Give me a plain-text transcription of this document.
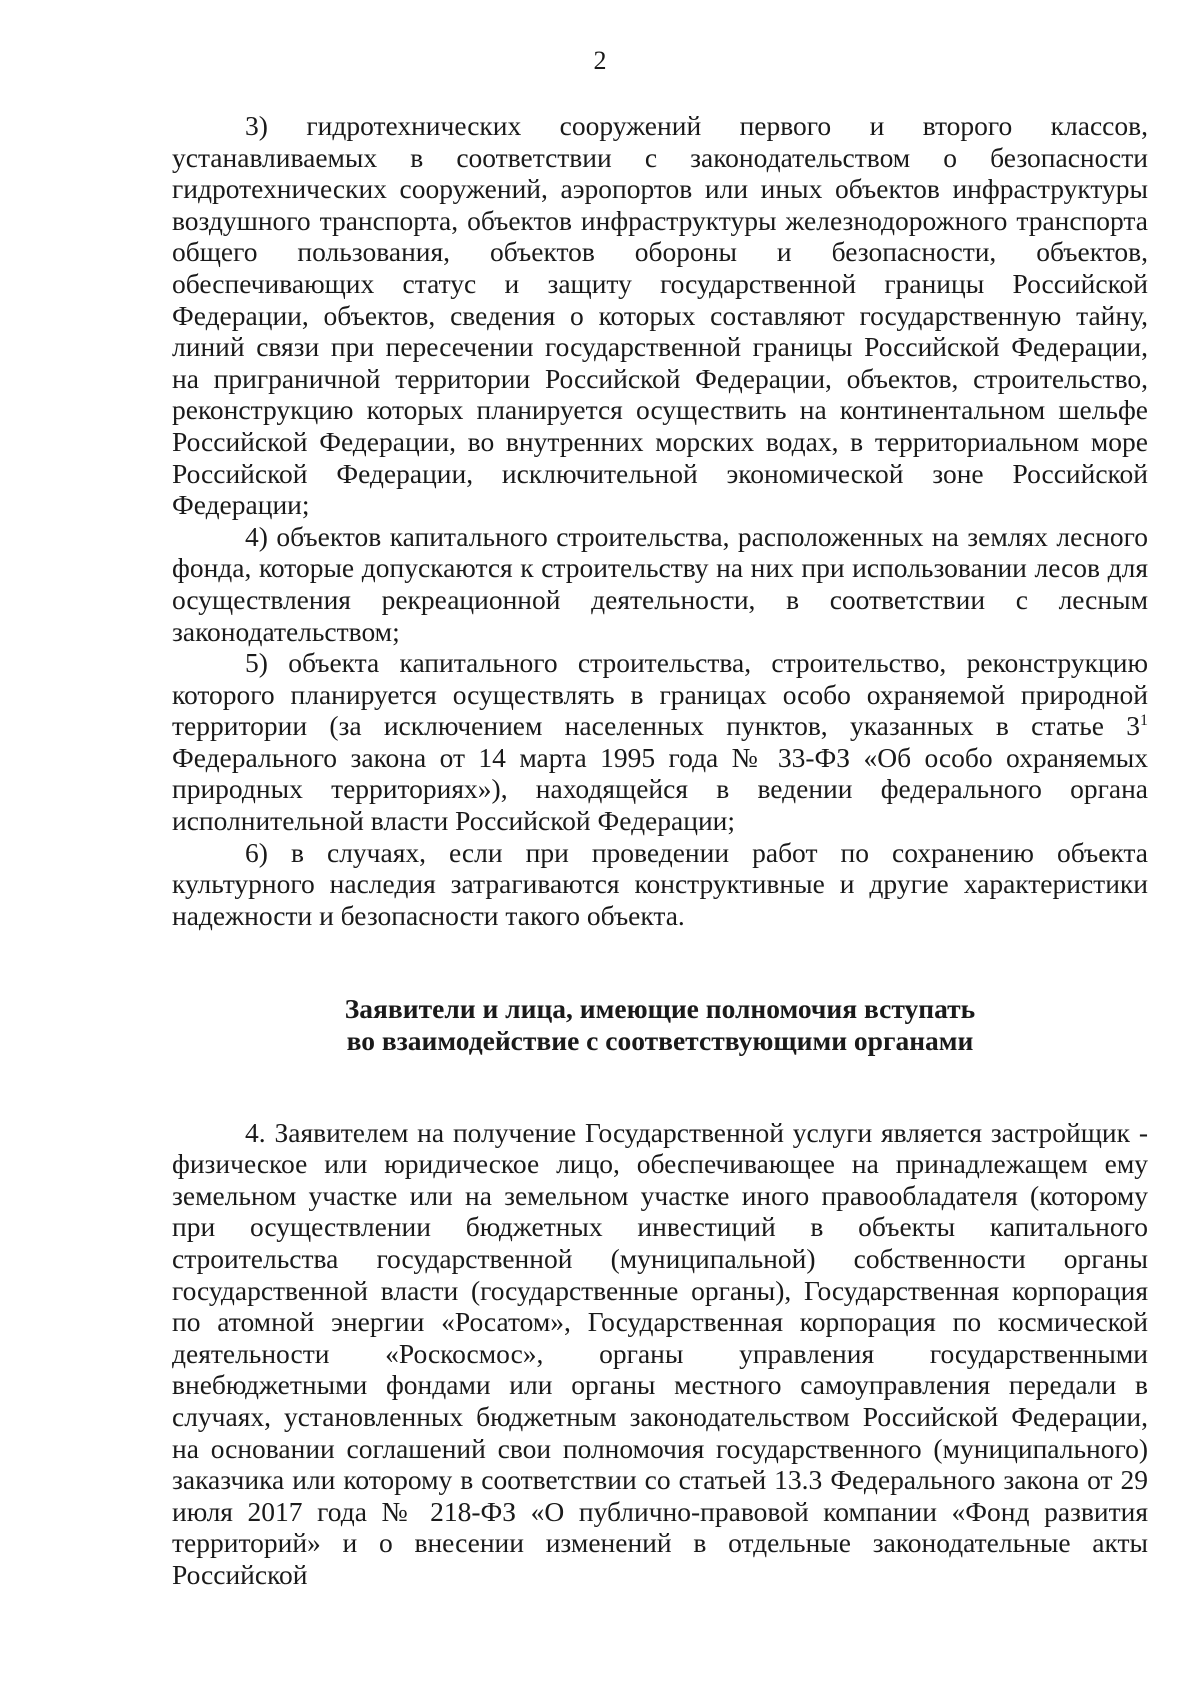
2

3) гидротехнических сооружений первого и второго классов, устанавливаемых в соответствии с законодательством о безопасности гидротехнических сооружений, аэропортов или иных объектов инфраструктуры воздушного транспорта, объектов инфраструктуры железнодорожного транспорта общего пользования, объектов обороны и безопасности, объектов, обеспечивающих статус и защиту государственной границы Российской Федерации, объектов, сведения о которых составляют государственную тайну, линий связи при пересечении государственной границы Российской Федерации, на приграничной территории Российской Федерации, объектов, строительство, реконструкцию которых планируется осуществить на континентальном шельфе Российской Федерации, во внутренних морских водах, в территориальном море Российской Федерации, исключительной экономической зоне Российской Федерации;

4) объектов капитального строительства, расположенных на землях лесного фонда, которые допускаются к строительству на них при использовании лесов для осуществления рекреационной деятельности, в соответствии с лесным законодательством;

5) объекта капитального строительства, строительство, реконструкцию которого планируется осуществлять в границах особо охраняемой природной территории (за исключением населенных пунктов, указанных в статье $3^1$ Федерального закона от 14 марта 1995 года № 33-ФЗ «Об особо охраняемых природных территориях»), находящейся в ведении федерального органа исполнительной власти Российской Федерации;

6) в случаях, если при проведении работ по сохранению объекта культурного наследия затрагиваются конструктивные и другие характеристики надежности и безопасности такого объекта.

Заявители и лица, имеющие полномочия вступать
во взаимодействие с соответствующими органами

4. Заявителем на получение Государственной услуги является застройщик - физическое или юридическое лицо, обеспечивающее на принадлежащем ему земельном участке или на земельном участке иного правообладателя (которому при осуществлении бюджетных инвестиций в объекты капитального строительства государственной (муниципальной) собственности органы государственной власти (государственные органы), Государственная корпорация по атомной энергии «Росатом», Государственная корпорация по космической деятельности «Роскосмос», органы управления государственными внебюджетными фондами или органы местного самоуправления передали в случаях, установленных бюджетным законодательством Российской Федерации, на основании соглашений свои полномочия государственного (муниципального) заказчика или которому в соответствии со статьей 13.3 Федерального закона от 29 июля 2017 года № 218-ФЗ «О публично-правовой компании «Фонд развития территорий» и о внесении изменений в отдельные законодательные акты Российской
